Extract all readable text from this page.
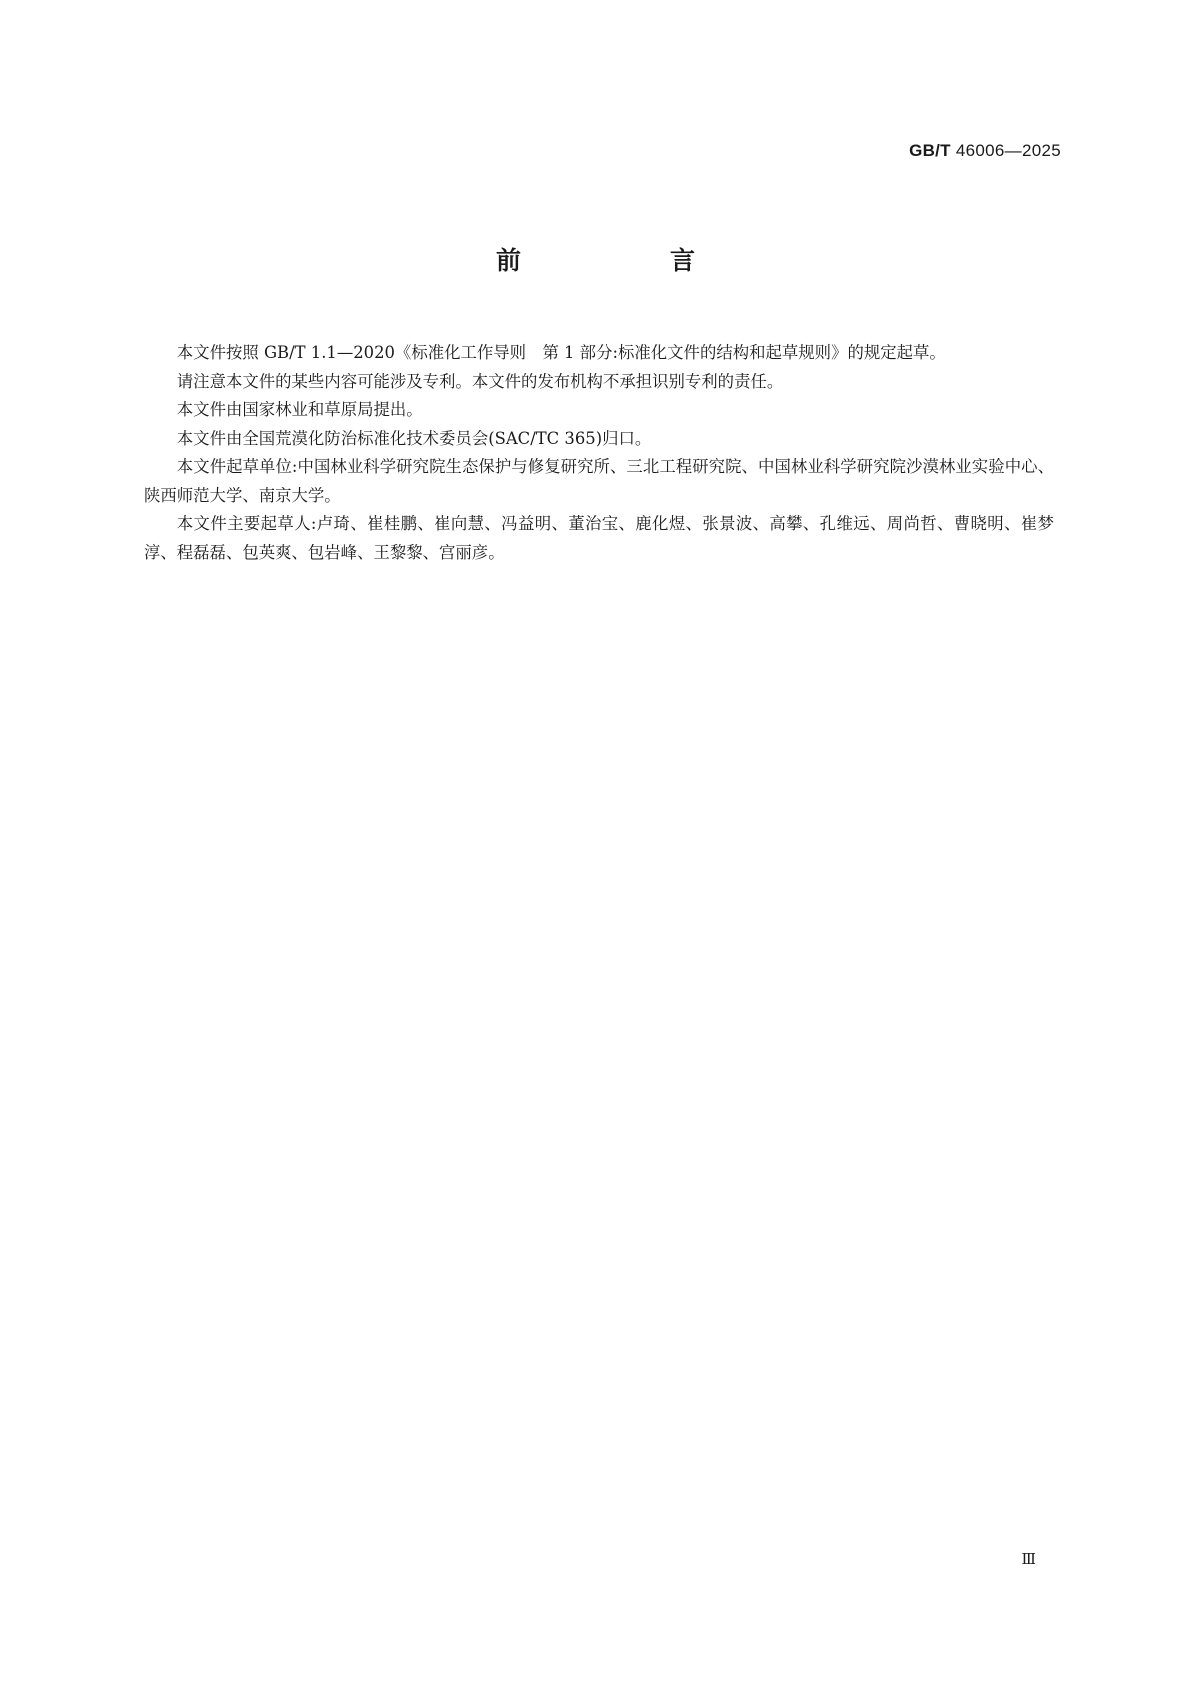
GB/T 46006—2025
前　言

本文件按照 GB/T 1.1—2020《标准化工作导则　第 1 部分:标准化文件的结构和起草规则》的规定起草。

请注意本文件的某些内容可能涉及专利。本文件的发布机构不承担识别专利的责任。

本文件由国家林业和草原局提出。

本文件由全国荒漠化防治标准化技术委员会(SAC/TC 365)归口。

本文件起草单位:中国林业科学研究院生态保护与修复研究所、三北工程研究院、中国林业科学研究院沙漠林业实验中心、陕西师范大学、南京大学。

本文件主要起草人:卢琦、崔桂鹏、崔向慧、冯益明、董治宝、鹿化煜、张景波、高攀、孔维远、周尚哲、曹晓明、崔梦淳、程磊磊、包英爽、包岩峰、王黎黎、宫丽彦。

Ⅲ
